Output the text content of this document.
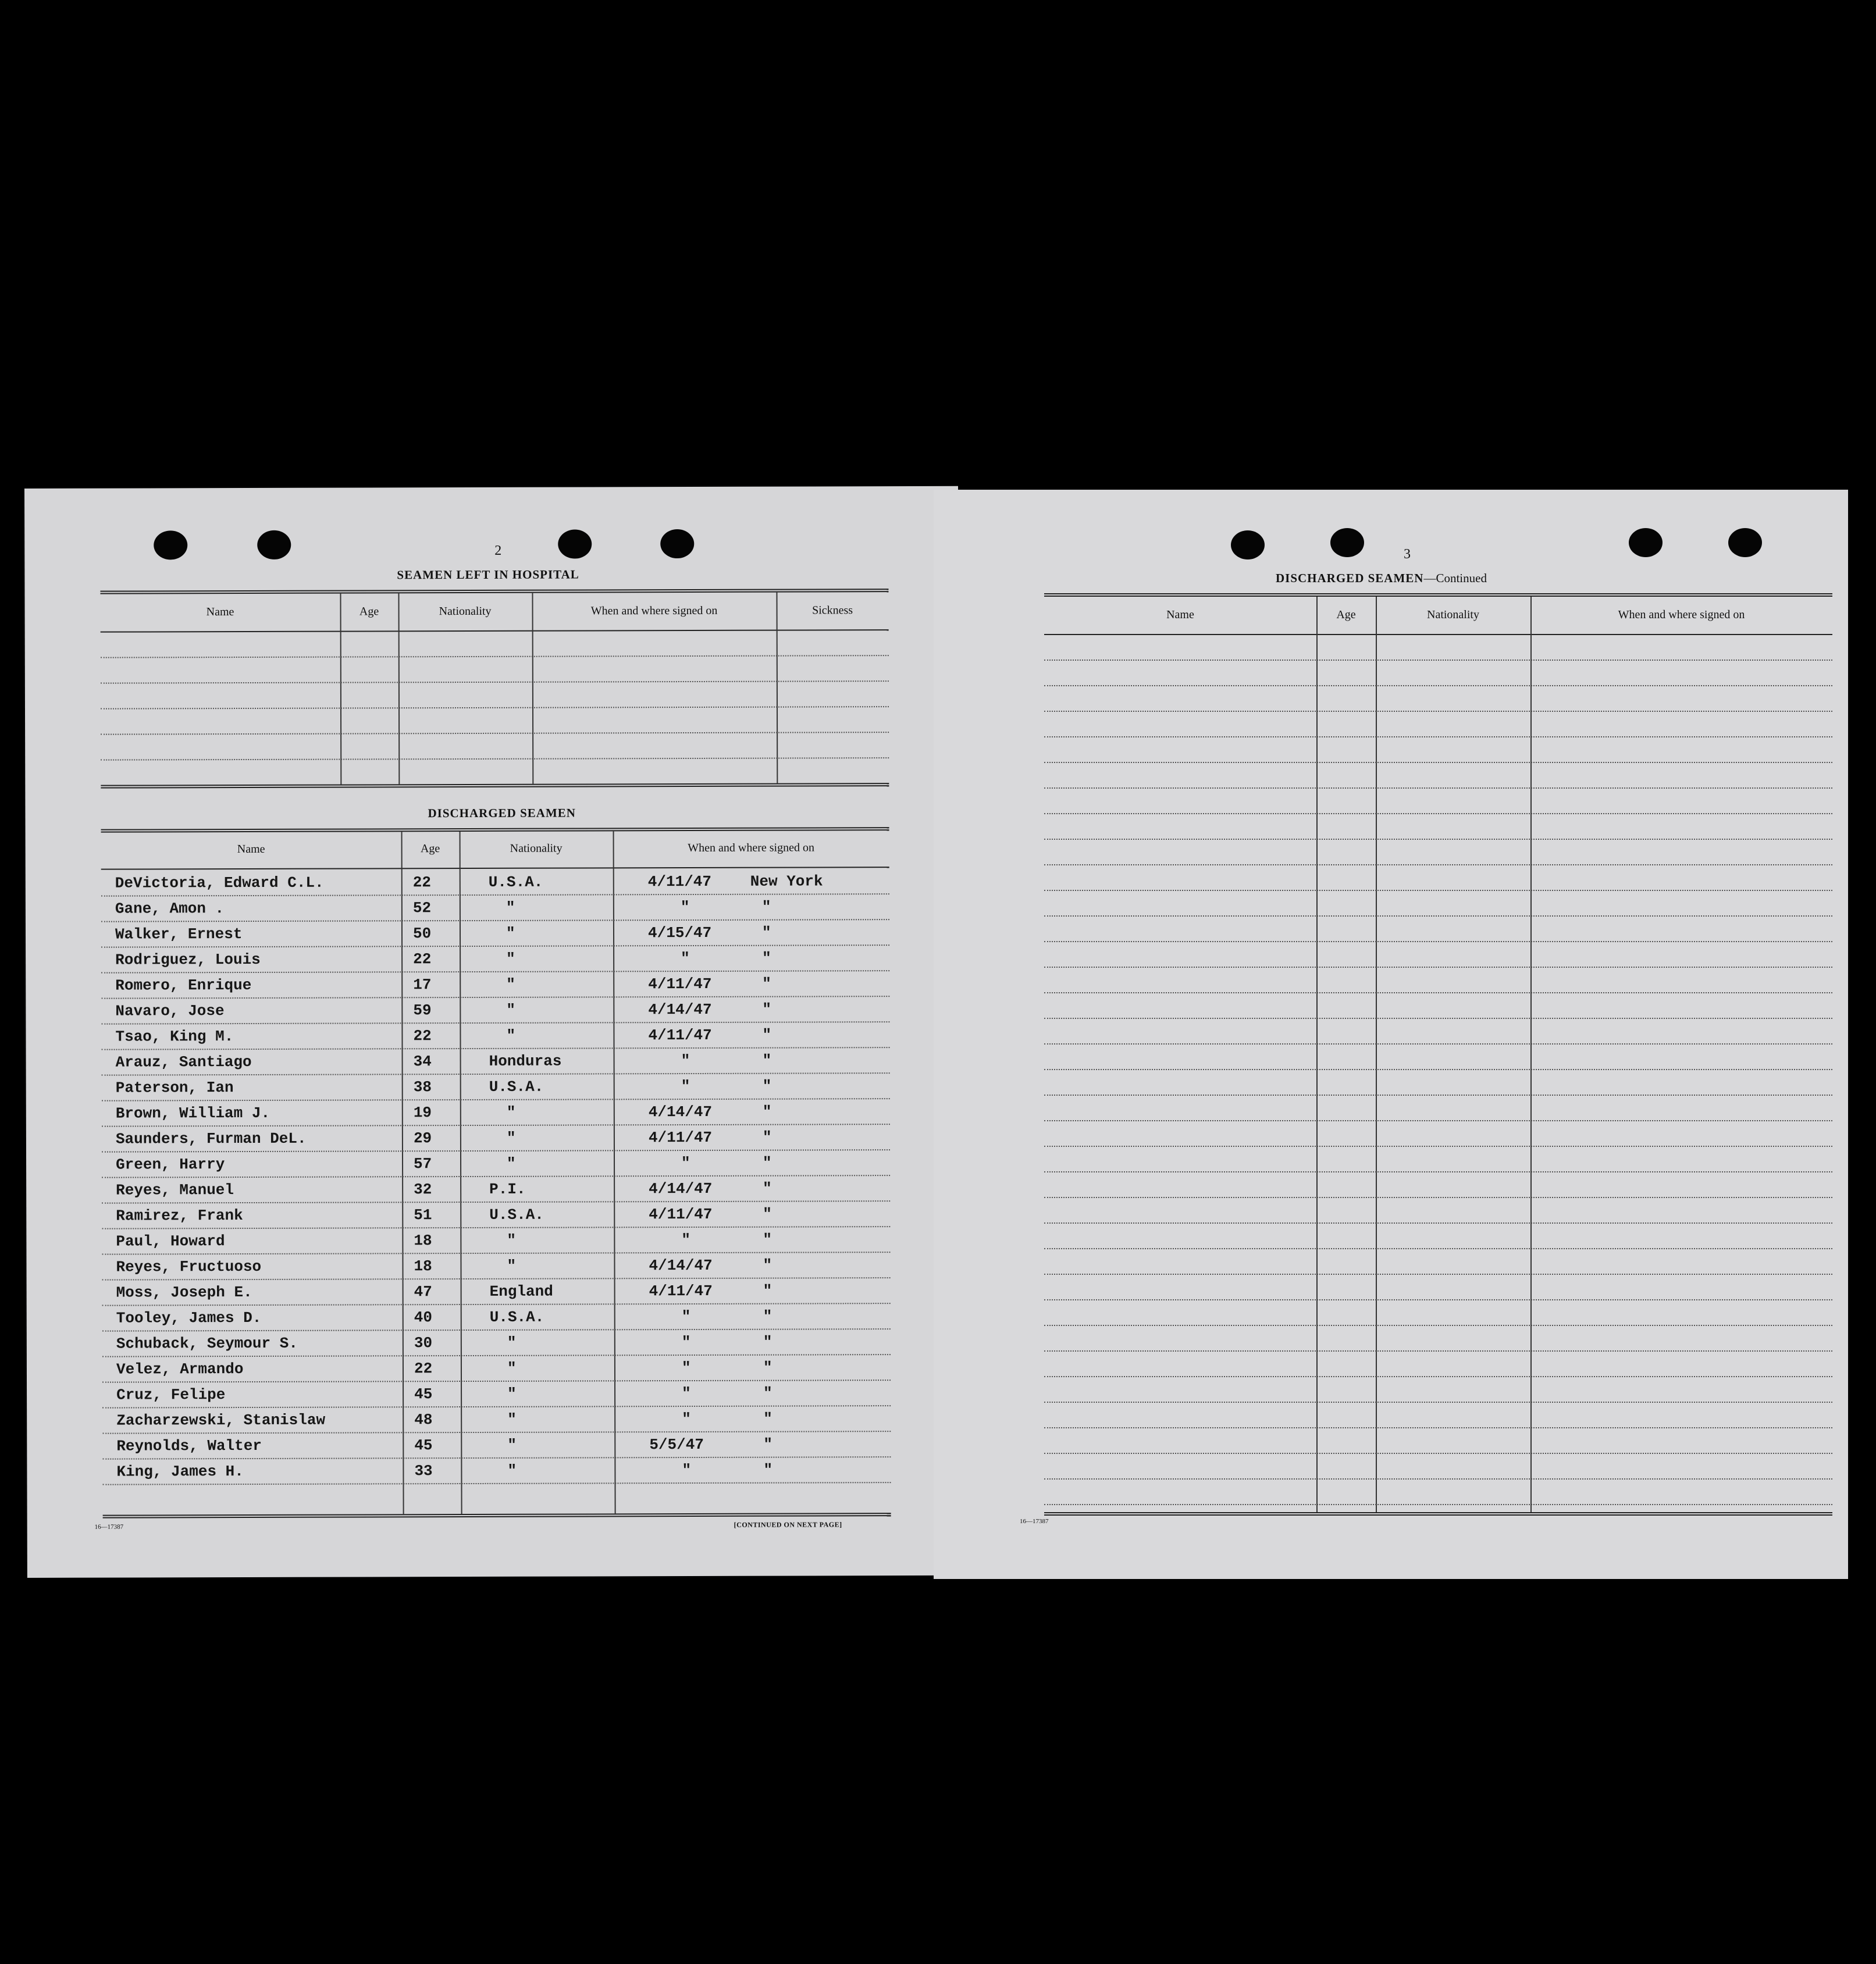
2
SEAMEN LEFT IN HOSPITAL
Name	Age	Nationality	When and where signed on	Sickness
DISCHARGED SEAMEN
Name	Age	Nationality	When and where signed on
DeVictoria, Edward C.L.	22	U.S.A.	4/11/47	New York
Gane, Amon .	52	"	"	"
Walker, Ernest	50	"	4/15/47	"
Rodriguez, Louis	22	"	"	"
Romero, Enrique	17	"	4/11/47	"
Navaro, Jose	59	"	4/14/47	"
Tsao, King M.	22	"	4/11/47	"
Arauz, Santiago	34	Honduras	"	"
Paterson, Ian	38	U.S.A.	"	"
Brown, William J.	19	"	4/14/47	"
Saunders, Furman DeL.	29	"	4/11/47	"
Green, Harry	57	"	"	"
Reyes, Manuel	32	P.I.	4/14/47	"
Ramirez, Frank	51	U.S.A.	4/11/47	"
Paul, Howard	18	"	"	"
Reyes, Fructuoso	18	"	4/14/47	"
Moss, Joseph E.	47	England	4/11/47	"
Tooley, James D.	40	U.S.A.	"	"
Schuback, Seymour S.	30	"	"	"
Velez, Armando	22	"	"	"
Cruz, Felipe	45	"	"	"
Zacharzewski, Stanislaw	48	"	"	"
Reynolds, Walter	45	"	5/5/47	"
King, James H.	33	"	"	"
16—17387	[CONTINUED ON NEXT PAGE]
3
DISCHARGED SEAMEN—Continued
Name	Age	Nationality	When and where signed on
16—17387
